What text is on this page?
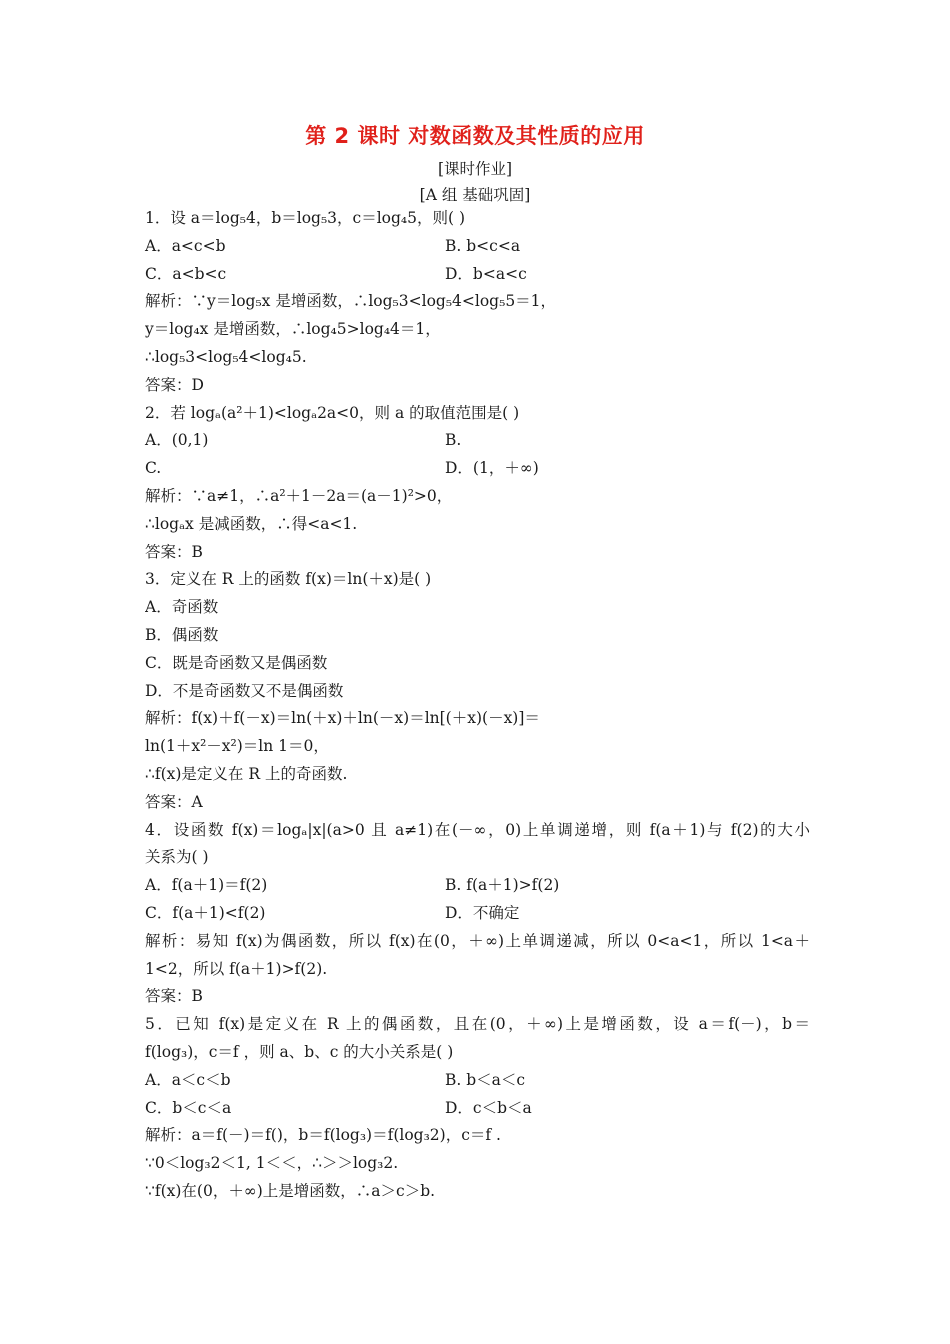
第 2 课时 对数函数及其性质的应用
[课时作业]
[A 组 基础巩固]
1．设 a＝log₅4，b＝log₅3，c＝log₄5，则( )
A．a<c<b	B. b<c<a
C．a<b<c	D．b<a<c
解析：∵y＝log₅x 是增函数，∴log₅3<log₅4<log₅5＝1，
y＝log₄x 是增函数，∴log₄5>log₄4＝1，
∴log₅3<log₅4<log₄5.
答案：D
2．若 logₐ(a²＋1)<logₐ2a<0，则 a 的取值范围是( )
A．(0,1)	B.
C.	D．(1，＋∞)
解析：∵a≠1，∴a²＋1－2a＝(a－1)²>0，
∴logₐx 是减函数，∴得<a<1.
答案：B
3．定义在 R 上的函数 f(x)＝ln(＋x)是( )
A．奇函数
B．偶函数
C．既是奇函数又是偶函数
D．不是奇函数又不是偶函数
解析：f(x)＋f(－x)＝ln(＋x)＋ln(－x)＝ln[(＋x)(－x)]＝
ln(1＋x²－x²)＝ln 1＝0，
∴f(x)是定义在 R 上的奇函数.
答案：A
4．设函数 f(x)＝logₐ|x|(a>0 且 a≠1)在(－∞，0)上单调递增，则 f(a＋1)与 f(2)的大小
关系为( )
A．f(a＋1)＝f(2)	B. f(a＋1)>f(2)
C．f(a＋1)<f(2)	D．不确定
解析：易知 f(x)为偶函数，所以 f(x)在(0，＋∞)上单调递减，所以 0<a<1，所以 1<a＋
1<2，所以 f(a＋1)>f(2).
答案：B
5．已知 f(x)是定义在 R 上的偶函数，且在(0，＋∞)上是增函数，设 a＝f(－)，b＝
f(log₃)，c＝f ，则 a、b、c 的大小关系是( )
A．a＜c＜b	B. b＜a＜c
C．b＜c＜a	D．c＜b＜a
解析：a＝f(－)＝f()，b＝f(log₃)＝f(log₃2)，c＝f .
∵0＜log₃2＜1, 1＜＜，∴＞＞log₃2.
∵f(x)在(0，＋∞)上是增函数，∴a＞c＞b.
